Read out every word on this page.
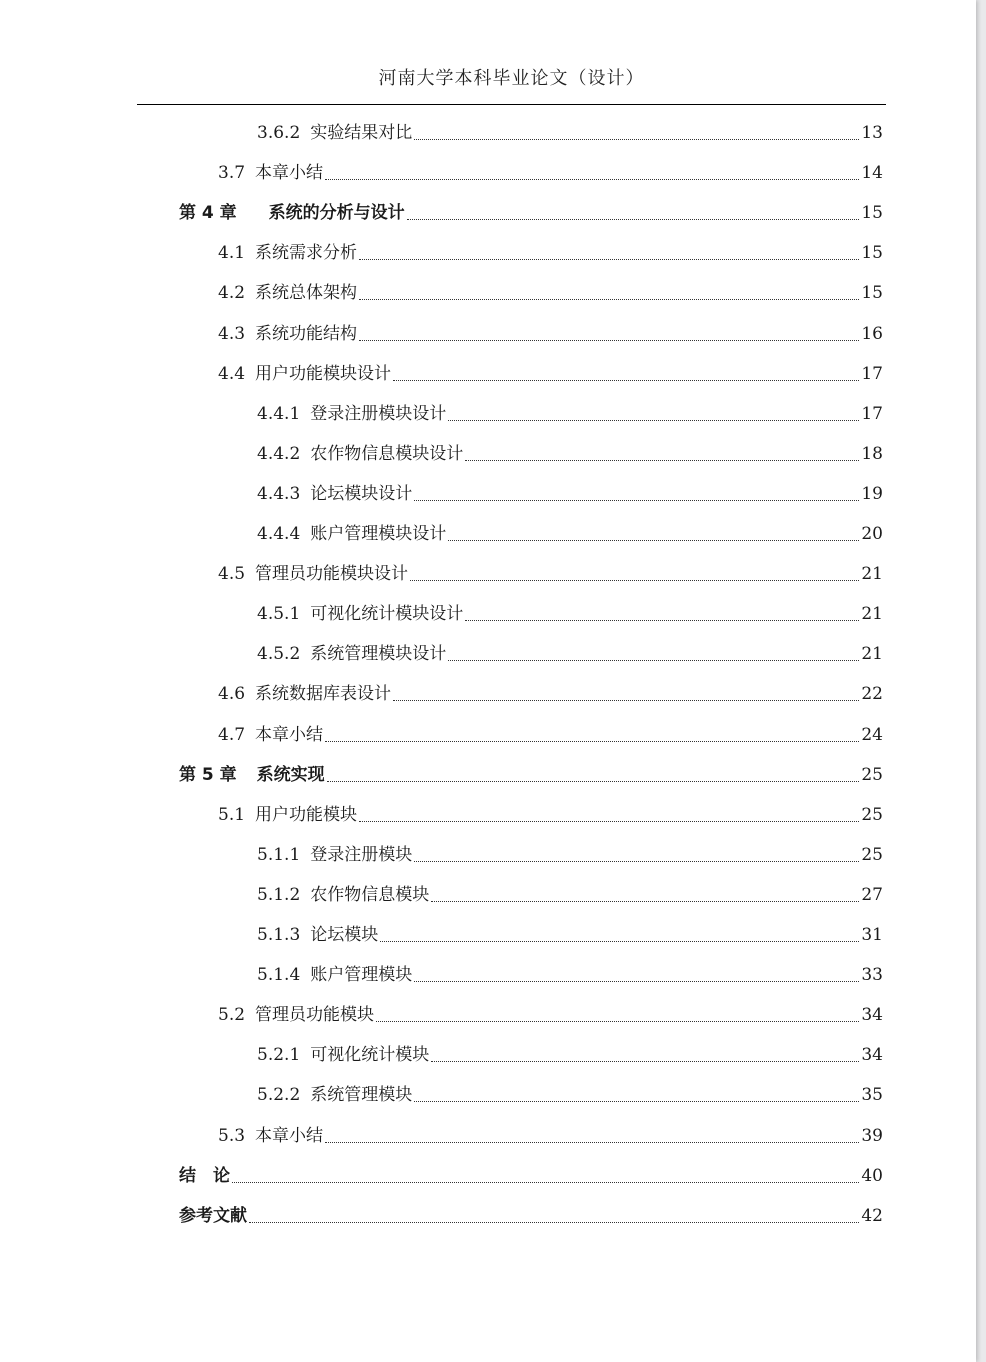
河南大学本科毕业论文（设计）
3.6.2 实验结果对比	13
3.7 本章小结	14
第 4 章 系统的分析与设计	15
4.1 系统需求分析	15
4.2 系统总体架构	15
4.3 系统功能结构	16
4.4 用户功能模块设计	17
4.4.1 登录注册模块设计	17
4.4.2 农作物信息模块设计	18
4.4.3 论坛模块设计	19
4.4.4 账户管理模块设计	20
4.5 管理员功能模块设计	21
4.5.1 可视化统计模块设计	21
4.5.2 系统管理模块设计	21
4.6 系统数据库表设计	22
4.7 本章小结	24
第 5 章 系统实现	25
5.1 用户功能模块	25
5.1.1 登录注册模块	25
5.1.2 农作物信息模块	27
5.1.3 论坛模块	31
5.1.4 账户管理模块	33
5.2 管理员功能模块	34
5.2.1 可视化统计模块	34
5.2.2 系统管理模块	35
5.3 本章小结	39
结　论	40
参考文献	42
